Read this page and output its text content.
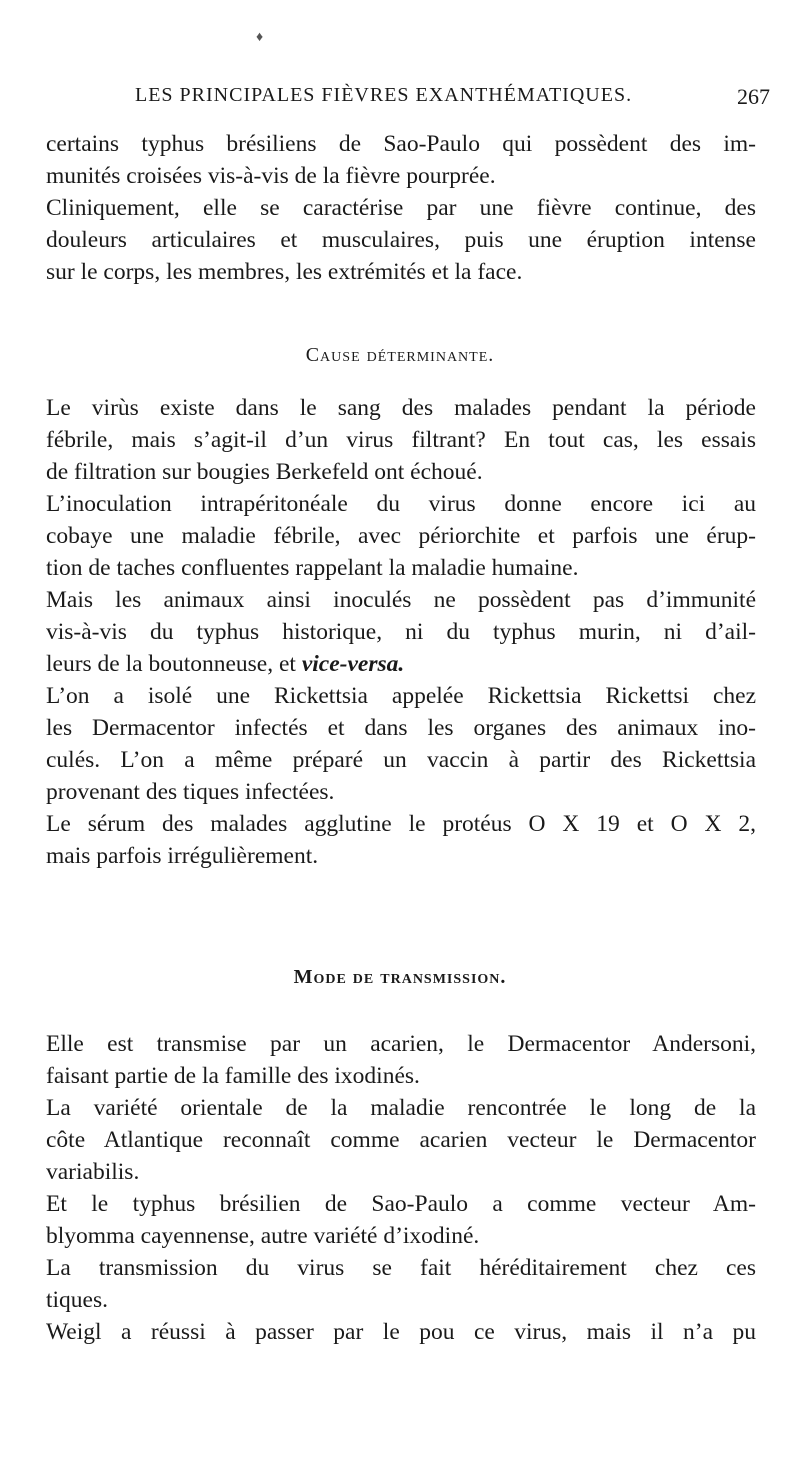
♦
LES PRINCIPALES FIÈVRES EXANTHÉMATIQUES.	267
certains typhus brésiliens de Sao-Paulo qui possèdent des im-
munités croisées vis-à-vis de la fièvre pourprée.
Cliniquement, elle se caractérise par une fièvre continue, des
douleurs articulaires et musculaires, puis une éruption intense
sur le corps, les membres, les extrémités et la face.
Cause déterminante.
Le virùs existe dans le sang des malades pendant la période
fébrile, mais s’agit-il d’un virus filtrant? En tout cas, les essais
de filtration sur bougies Berkefeld ont échoué.
L’inoculation intrapéritonéale du virus donne encore ici au
cobaye une maladie fébrile, avec périorchite et parfois une érup-
tion de taches confluentes rappelant la maladie humaine.
Mais les animaux ainsi inoculés ne possèdent pas d’immunité
vis-à-vis du typhus historique, ni du typhus murin, ni d’ail-
leurs de la boutonneuse, et vice-versa.
L’on a isolé une Rickettsia appelée Rickettsia Rickettsi chez
les Dermacentor infectés et dans les organes des animaux ino-
culés. L’on a même préparé un vaccin à partir des Rickettsia
provenant des tiques infectées.
Le sérum des malades agglutine le protéus O X 19 et O X 2,
mais parfois irrégulièrement.
Mode de transmission.
Elle est transmise par un acarien, le Dermacentor Andersoni,
faisant partie de la famille des ixodinés.
La variété orientale de la maladie rencontrée le long de la
côte Atlantique reconnaît comme acarien vecteur le Dermacentor
variabilis.
Et le typhus brésilien de Sao-Paulo a comme vecteur Am-
blyomma cayennense, autre variété d’ixodiné.
La transmission du virus se fait héréditairement chez ces
tiques.
Weigl a réussi à passer par le pou ce virus, mais il n’a pu
